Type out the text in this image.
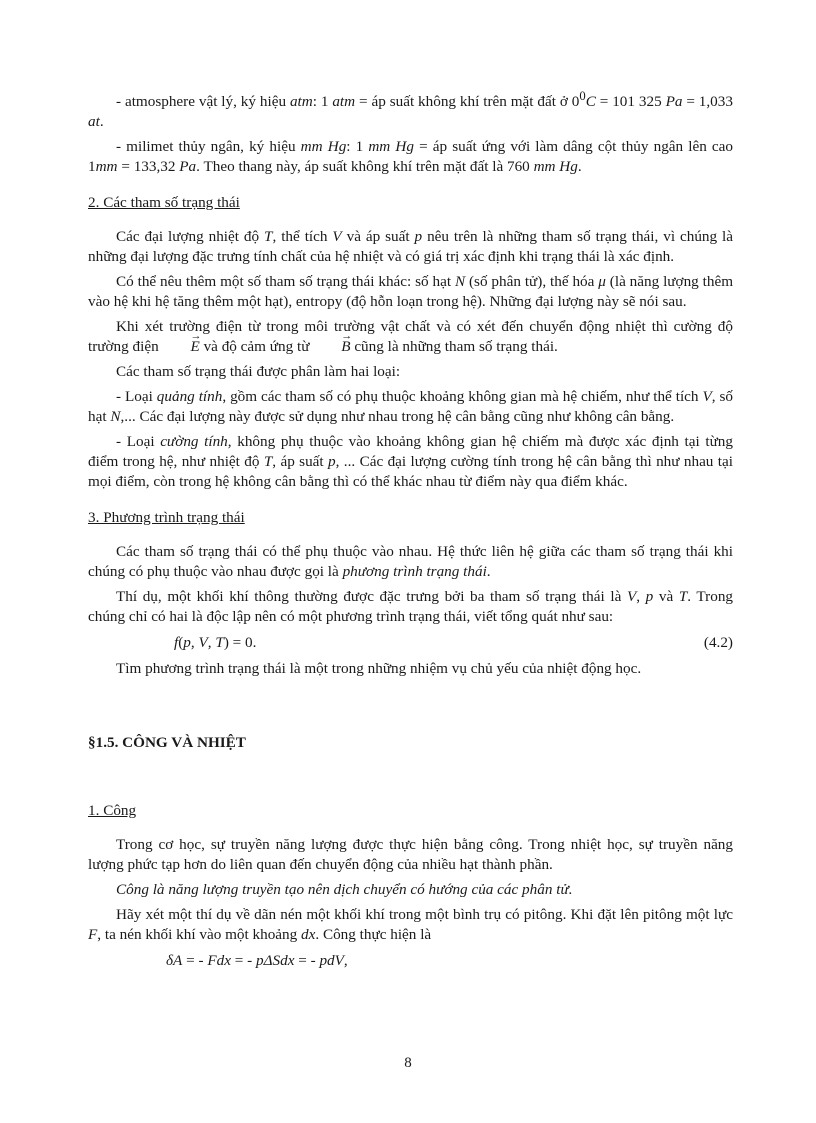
- atmosphere vật lý, ký hiệu atm: 1 atm = áp suất không khí trên mặt đất ở $0^0C = 101$ 325 Pa = 1,033 at.

- milimet thủy ngân, ký hiệu mm Hg: 1 mm Hg = áp suất ứng với làm dâng cột thủy ngân lên cao 1mm = 133,32 Pa. Theo thang này, áp suất không khí trên mặt đất là 760 mm Hg.

2. Các tham số trạng thái

Các đại lượng nhiệt độ T, thể tích V và áp suất p nêu trên là những tham số trạng thái, vì chúng là những đại lượng đặc trưng tính chất của hệ nhiệt và có giá trị xác định khi trạng thái là xác định.

Có thể nêu thêm một số tham số trạng thái khác: số hạt N (số phân tử), thế hóa μ (là năng lượng thêm vào hệ khi hệ tăng thêm một hạt), entropy (độ hỗn loạn trong hệ). Những đại lượng này sẽ nói sau.

Khi xét trường điện từ trong môi trường vật chất và có xét đến chuyển động nhiệt thì cường độ trường điện → E và độ cảm ứng từ → B cũng là những tham số trạng thái.

Các tham số trạng thái được phân làm hai loại:

- Loại quảng tính, gồm các tham số có phụ thuộc khoảng không gian mà hệ chiếm, như thể tích V, số hạt N,... Các đại lượng này được sử dụng như nhau trong hệ cân bằng cũng như không cân bằng.

- Loại cường tính, không phụ thuộc vào khoảng không gian hệ chiếm mà được xác định tại từng điểm trong hệ, như nhiệt độ T, áp suất p, ... Các đại lượng cường tính trong hệ cân bằng thì như nhau tại mọi điểm, còn trong hệ không cân bằng thì có thể khác nhau từ điểm này qua điểm khác.

3. Phương trình trạng thái

Các tham số trạng thái có thể phụ thuộc vào nhau. Hệ thức liên hệ giữa các tham số trạng thái khi chúng có phụ thuộc vào nhau được gọi là phương trình trạng thái.

Thí dụ, một khối khí thông thường được đặc trưng bởi ba tham số trạng thái là V, p và T. Trong chúng chỉ có hai là độc lập nên có một phương trình trạng thái, viết tổng quát như sau:

f(p, V, T) = 0.	(4.2)

Tìm phương trình trạng thái là một trong những nhiệm vụ chủ yếu của nhiệt động học.

§1.5. CÔNG VÀ NHIỆT

1. Công

Trong cơ học, sự truyền năng lượng được thực hiện bằng công. Trong nhiệt học, sự truyền năng lượng phức tạp hơn do liên quan đến chuyển động của nhiều hạt thành phần.

Công là năng lượng truyền tạo nên dịch chuyển có hướng của các phân tử.

Hãy xét một thí dụ về dãn nén một khối khí trong một bình trụ có pitông. Khi đặt lên pitông một lực F, ta nén khối khí vào một khoảng dx. Công thực hiện là

δA = - Fdx = - pΔSdx = - pdV,

8
